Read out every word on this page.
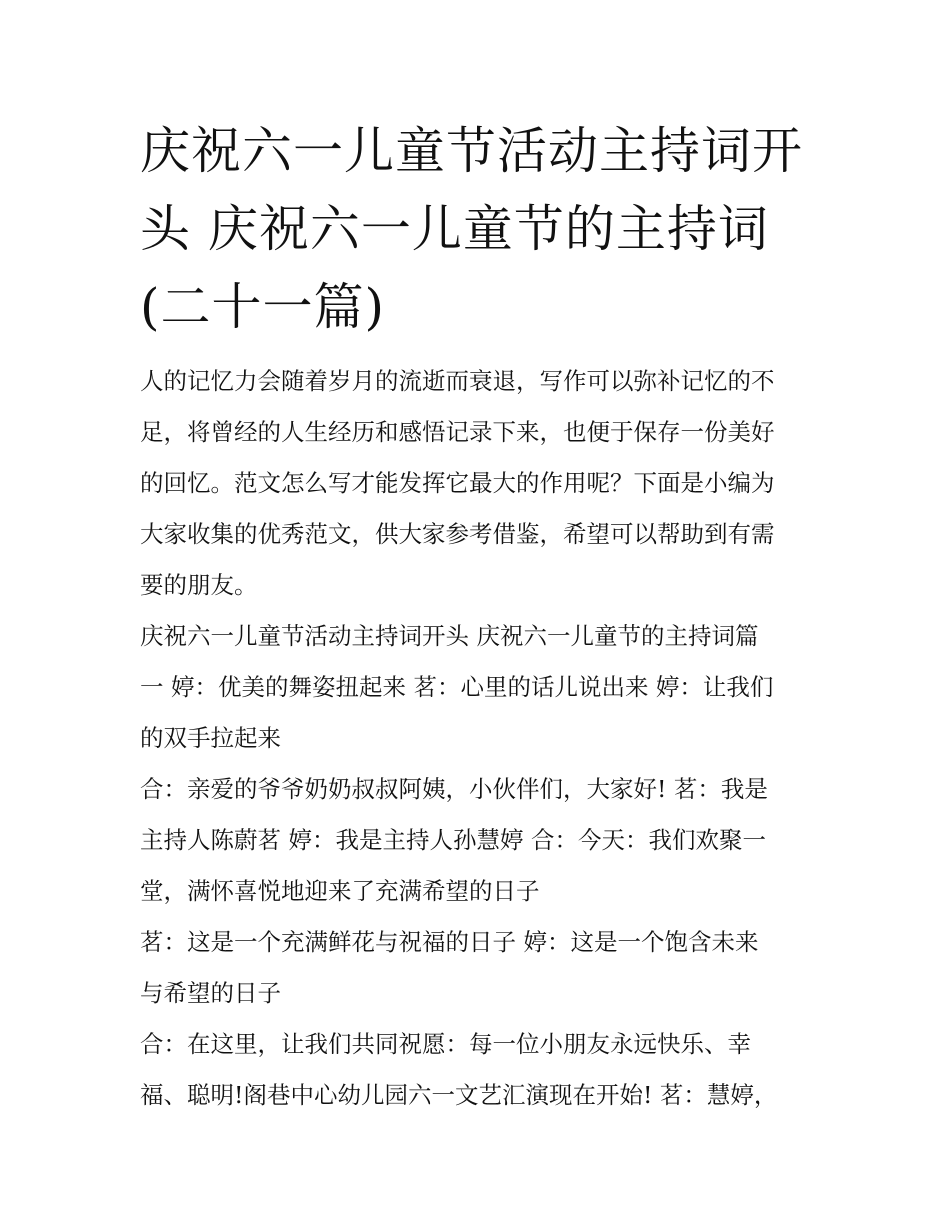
庆祝六一儿童节活动主持词开
头 庆祝六一儿童节的主持词
(二十一篇)

人的记忆力会随着岁月的流逝而衰退，写作可以弥补记忆的不
足，将曾经的人生经历和感悟记录下来，也便于保存一份美好
的回忆。范文怎么写才能发挥它最大的作用呢？下面是小编为
大家收集的优秀范文，供大家参考借鉴，希望可以帮助到有需
要的朋友。

庆祝六一儿童节活动主持词开头 庆祝六一儿童节的主持词篇
一 婷：优美的舞姿扭起来 茗：心里的话儿说出来 婷：让我们
的双手拉起来

合：亲爱的爷爷奶奶叔叔阿姨，小伙伴们，大家好! 茗：我是
主持人陈蔚茗 婷：我是主持人孙慧婷 合：今天：我们欢聚一
堂，满怀喜悦地迎来了充满希望的日子

茗：这是一个充满鲜花与祝福的日子 婷：这是一个饱含未来
与希望的日子

合：在这里，让我们共同祝愿：每一位小朋友永远快乐、幸
福、聪明!阁巷中心幼儿园六一文艺汇演现在开始! 茗：慧婷，
